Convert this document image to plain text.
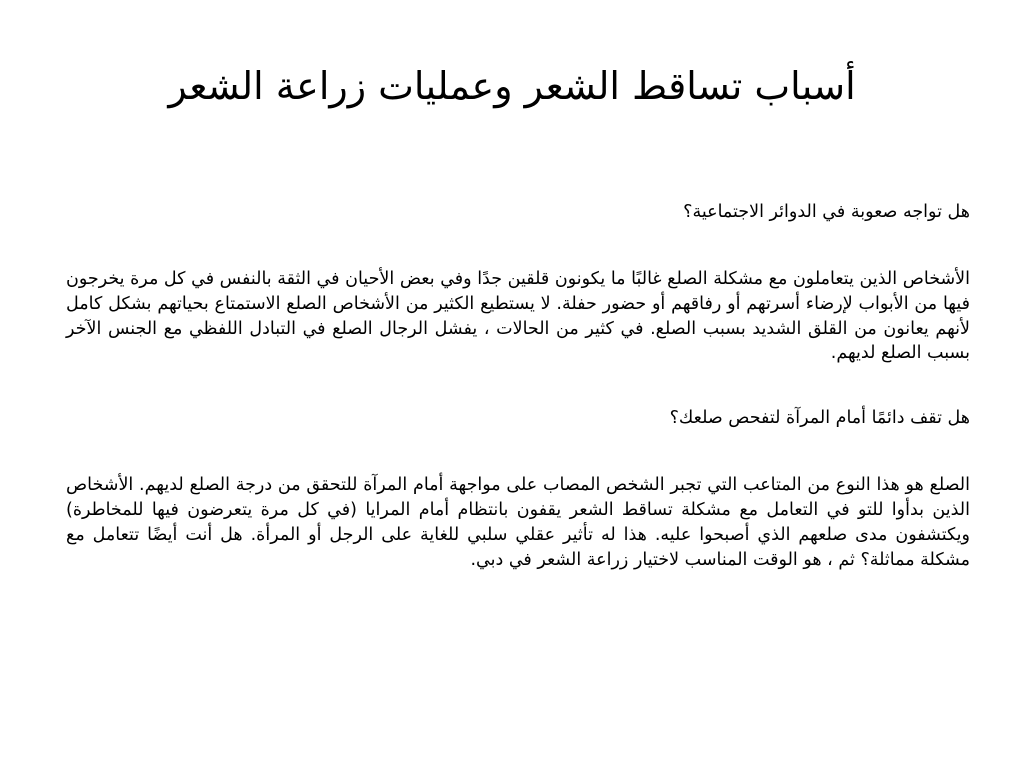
أسباب تساقط الشعر وعمليات زراعة الشعر

هل تواجه صعوبة في الدوائر الاجتماعية؟

الأشخاص الذين يتعاملون مع مشكلة الصلع غالبًا ما يكونون قلقين جدًا وفي بعض الأحيان في الثقة بالنفس في كل مرة يخرجون فيها من الأبواب لإرضاء أسرتهم أو رفاقهم أو حضور حفلة. لا يستطيع الكثير من الأشخاص الصلع الاستمتاع بحياتهم بشكل كامل لأنهم يعانون من القلق الشديد بسبب الصلع. في كثير من الحالات ، يفشل الرجال الصلع في التبادل اللفظي مع الجنس الآخر بسبب الصلع لديهم.

هل تقف دائمًا أمام المرآة لتفحص صلعك؟

الصلع هو هذا النوع من المتاعب التي تجبر الشخص المصاب على مواجهة أمام المرآة للتحقق من درجة الصلع لديهم. الأشخاص الذين بدأوا للتو في التعامل مع مشكلة تساقط الشعر يقفون بانتظام أمام المرايا (في كل مرة يتعرضون فيها للمخاطرة) ويكتشفون مدى صلعهم الذي أصبحوا عليه. هذا له تأثير عقلي سلبي للغاية على الرجل أو المرأة. هل أنت أيضًا تتعامل مع مشكلة مماثلة؟ ثم ، هو الوقت المناسب لاختيار زراعة الشعر في دبي.
